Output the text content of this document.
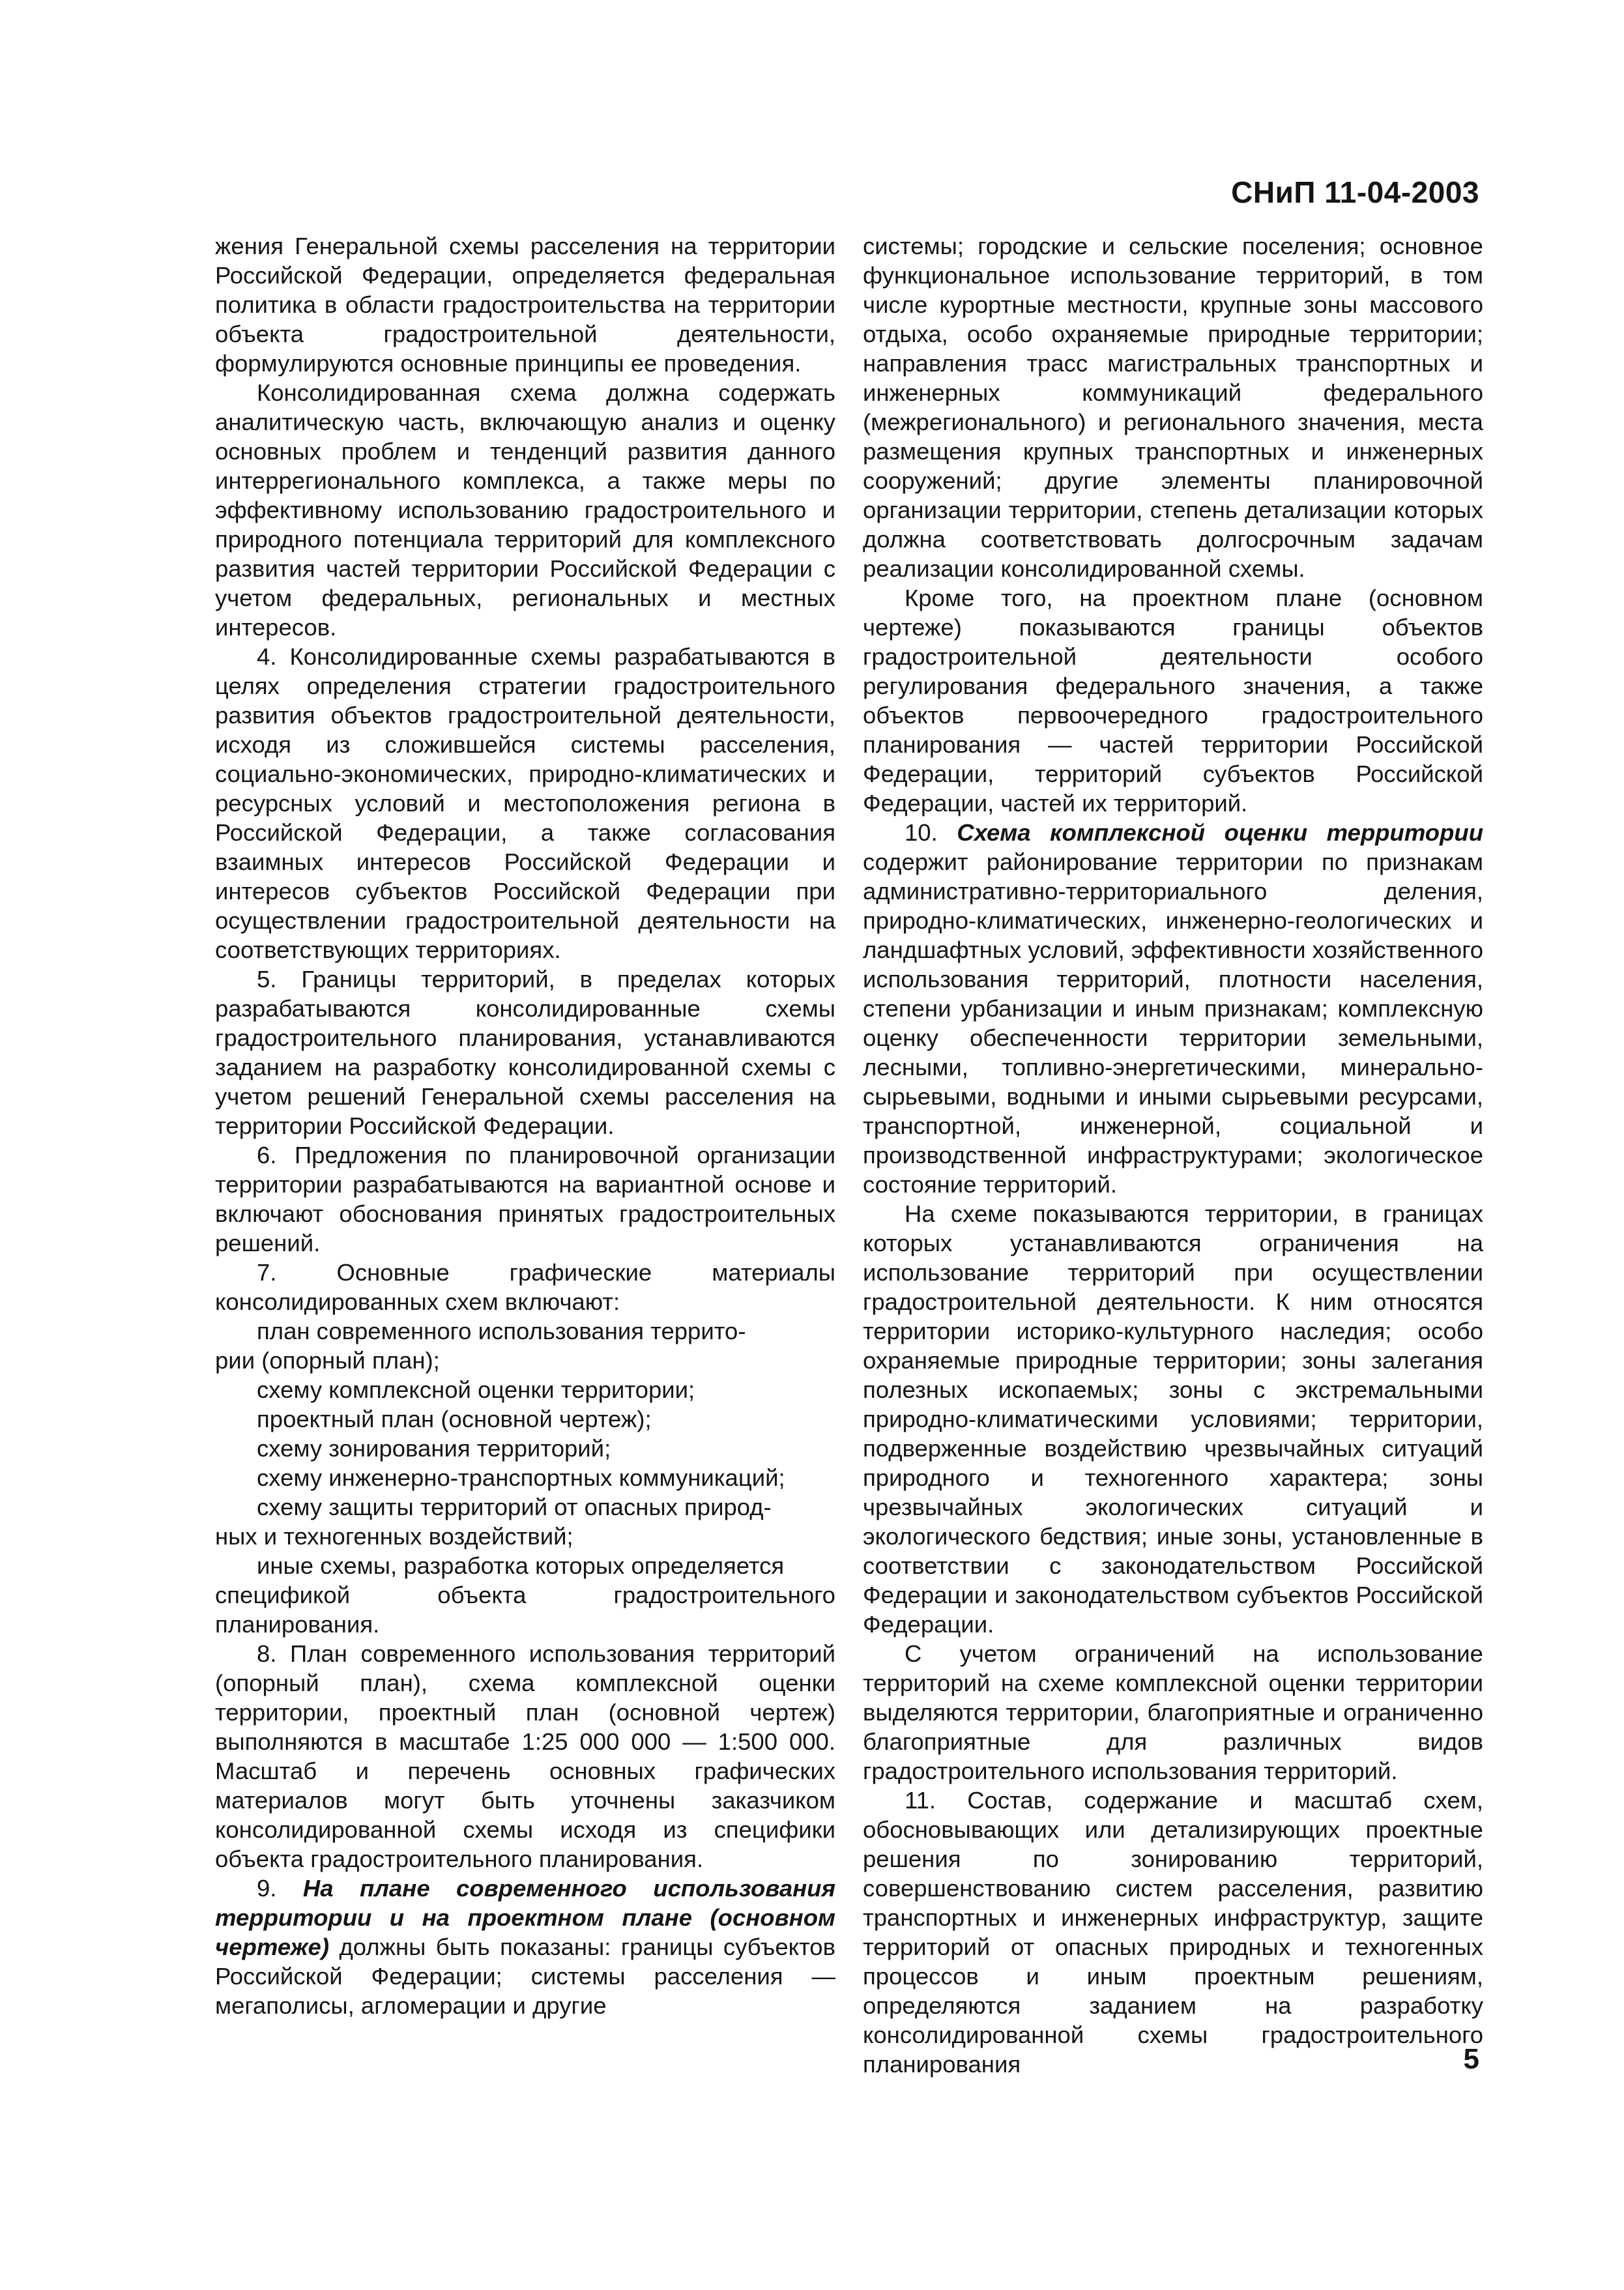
СНиП 11-04-2003

жения Генеральной схемы расселения на территории Российской Федерации, определяется федеральная политика в области градостроительства на территории объекта градостроительной деятельности, формулируются основные принципы ее проведения.

Консолидированная схема должна содержать аналитическую часть, включающую анализ и оценку основных проблем и тенденций развития данного интеррегионального комплекса, а также меры по эффективному использованию градостроительного и природного потенциала территорий для комплексного развития частей территории Российской Федерации с учетом федеральных, региональных и местных интересов.

4. Консолидированные схемы разрабатываются в целях определения стратегии градостроительного развития объектов градостроительной деятельности, исходя из сложившейся системы расселения, социально-экономических, природно-климатических и ресурсных условий и местоположения региона в Российской Федерации, а также согласования взаимных интересов Российской Федерации и интересов субъектов Российской Федерации при осуществлении градостроительной деятельности на соответствующих территориях.

5. Границы территорий, в пределах которых разрабатываются консолидированные схемы градостроительного планирования, устанавливаются заданием на разработку консолидированной схемы с учетом решений Генеральной схемы расселения на территории Российской Федерации.

6. Предложения по планировочной организации территории разрабатываются на вариантной основе и включают обоснования принятых градостроительных решений.

7. Основные графические материалы консолидированных схем включают:

план современного использования террито-

рии (опорный план);

схему комплексной оценки территории;

проектный план (основной чертеж);

схему зонирования территорий;

схему инженерно-транспортных коммуникаций;

схему защиты территорий от опасных природ-

ных и техногенных воздействий;

иные схемы, разработка которых определяется

спецификой объекта градостроительного планирования.

8. План современного использования территорий (опорный план), схема комплексной оценки территории, проектный план (основной чертеж) выполняются в масштабе 1:25 000 000 — 1:500 000. Масштаб и перечень основных графических материалов могут быть уточнены заказчиком консолидированной схемы исходя из специфики объекта градостроительного планирования.

9. На плане современного использования территории и на проектном плане (основном чертеже) должны быть показаны: границы субъектов Российской Федерации; системы расселения — мегаполисы, агломерации и другие

системы; городские и сельские поселения; основное функциональное использование территорий, в том числе курортные местности, крупные зоны массового отдыха, особо охраняемые природные территории; направления трасс магистральных транспортных и инженерных коммуникаций федерального (межрегионального) и регионального значения, места размещения крупных транспортных и инженерных сооружений; другие элементы планировочной организации территории, степень детализации которых должна соответствовать долгосрочным задачам реализации консолидированной схемы.

Кроме того, на проектном плане (основном чертеже) показываются границы объектов градостроительной деятельности особого регулирования федерального значения, а также объектов первоочередного градостроительного планирования — частей территории Российской Федерации, территорий субъектов Российской Федерации, частей их территорий.

10. Схема комплексной оценки территории содержит районирование территории по признакам административно-территориального деления, природно-климатических, инженерно-геологических и ландшафтных условий, эффективности хозяйственного использования территорий, плотности населения, степени урбанизации и иным признакам; комплексную оценку обеспеченности территории земельными, лесными, топливно-энергетическими, минерально-сырьевыми, водными и иными сырьевыми ресурсами, транспортной, инженерной, социальной и производственной инфраструктурами; экологическое состояние территорий.

На схеме показываются территории, в границах которых устанавливаются ограничения на использование территорий при осуществлении градостроительной деятельности. К ним относятся территории историко-культурного наследия; особо охраняемые природные территории; зоны залегания полезных ископаемых; зоны с экстремальными природно-климатическими условиями; территории, подверженные воздействию чрезвычайных ситуаций природного и техногенного характера; зоны чрезвычайных экологических ситуаций и экологического бедствия; иные зоны, установленные в соответствии с законодательством Российской Федерации и законодательством субъектов Российской Федерации.

С учетом ограничений на использование территорий на схеме комплексной оценки территории выделяются территории, благоприятные и ограниченно благоприятные для различных видов градостроительного использования территорий.

11. Состав, содержание и масштаб схем, обосновывающих или детализирующих проектные решения по зонированию территорий, совершенствованию систем расселения, развитию транспортных и инженерных инфраструктур, защите территорий от опасных природных и техногенных процессов и иным проектным решениям, определяются заданием на разработку консолидированной схемы градостроительного планирования	5
